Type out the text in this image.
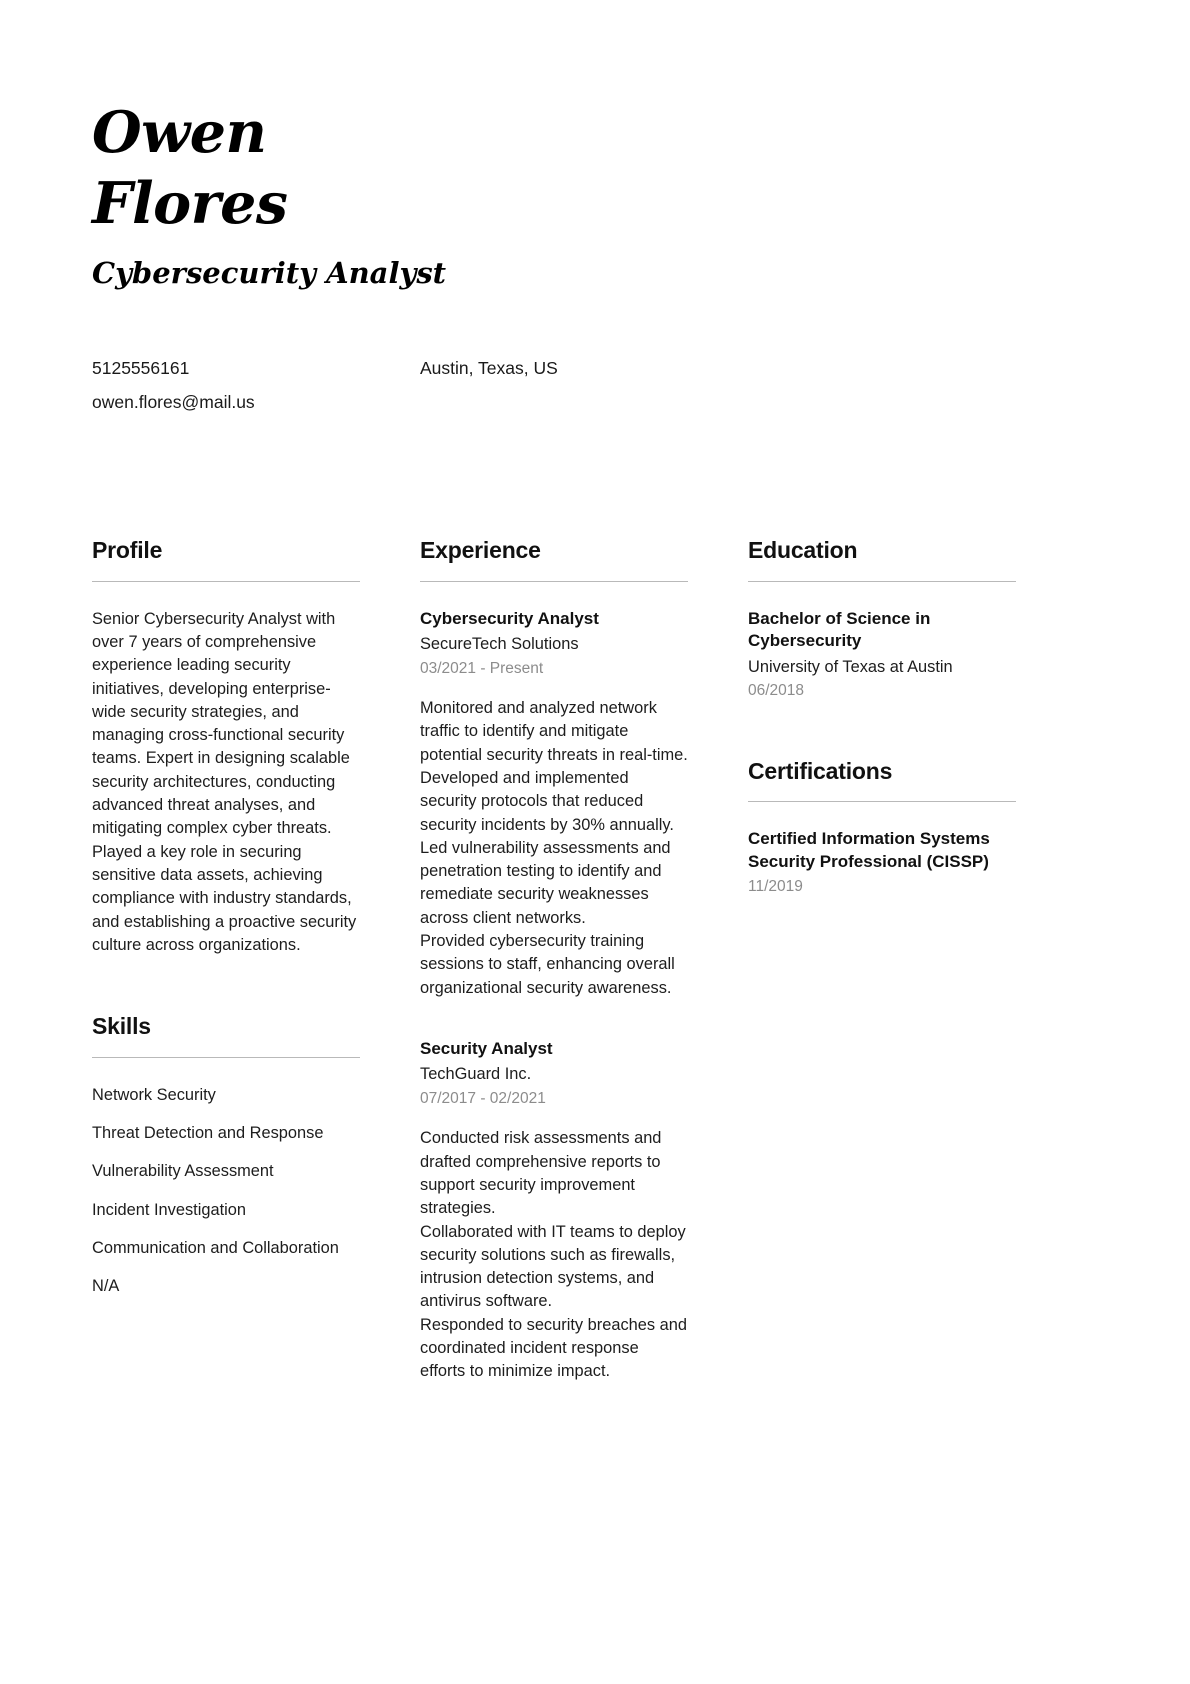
Owen
Flores
Cybersecurity Analyst
5125556161
owen.flores@mail.us
Austin, Texas, US
Profile
Senior Cybersecurity Analyst with over 7 years of comprehensive experience leading security initiatives, developing enterprise-wide security strategies, and managing cross-functional security teams. Expert in designing scalable security architectures, conducting advanced threat analyses, and mitigating complex cyber threats. Played a key role in securing sensitive data assets, achieving compliance with industry standards, and establishing a proactive security culture across organizations.
Skills
Network Security
Threat Detection and Response
Vulnerability Assessment
Incident Investigation
Communication and Collaboration
N/A
Experience
Cybersecurity Analyst
SecureTech Solutions
03/2021 - Present
Monitored and analyzed network traffic to identify and mitigate potential security threats in real-time.
Developed and implemented security protocols that reduced security incidents by 30% annually.
Led vulnerability assessments and penetration testing to identify and remediate security weaknesses across client networks.
Provided cybersecurity training sessions to staff, enhancing overall organizational security awareness.
Security Analyst
TechGuard Inc.
07/2017 - 02/2021
Conducted risk assessments and drafted comprehensive reports to support security improvement strategies.
Collaborated with IT teams to deploy security solutions such as firewalls, intrusion detection systems, and antivirus software.
Responded to security breaches and coordinated incident response efforts to minimize impact.
Education
Bachelor of Science in Cybersecurity
University of Texas at Austin
06/2018
Certifications
Certified Information Systems Security Professional (CISSP)
11/2019
